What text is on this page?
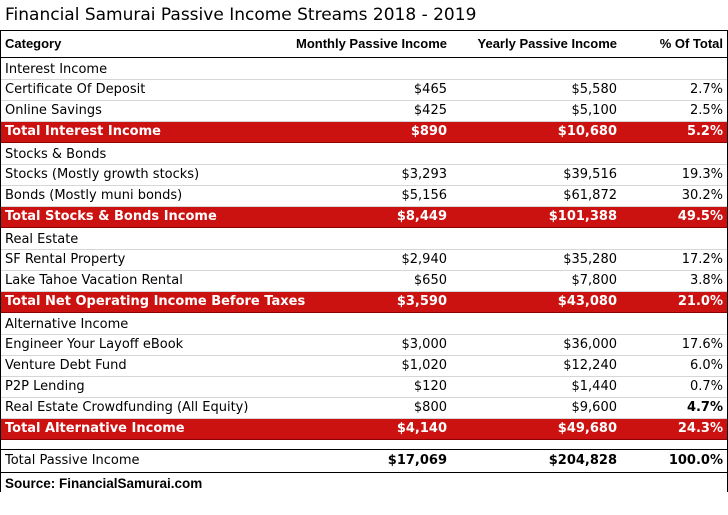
Financial Samurai Passive Income Streams 2018 - 2019
Category	Monthly Passive Income	Yearly Passive Income	% Of Total
Interest Income
Certificate Of Deposit	$465	$5,580	2.7%
Online Savings	$425	$5,100	2.5%
Total Interest Income	$890	$10,680	5.2%
Stocks & Bonds
Stocks (Mostly growth stocks)	$3,293	$39,516	19.3%
Bonds (Mostly muni bonds)	$5,156	$61,872	30.2%
Total Stocks & Bonds Income	$8,449	$101,388	49.5%
Real Estate
SF Rental Property	$2,940	$35,280	17.2%
Lake Tahoe Vacation Rental	$650	$7,800	3.8%
Total Net Operating Income Before Taxes	$3,590	$43,080	21.0%
Alternative Income
Engineer Your Layoff eBook	$3,000	$36,000	17.6%
Venture Debt Fund	$1,020	$12,240	6.0%
P2P Lending	$120	$1,440	0.7%
Real Estate Crowdfunding (All Equity)	$800	$9,600	4.7%
Total Alternative Income	$4,140	$49,680	24.3%
Total Passive Income	$17,069	$204,828	100.0%
Source: FinancialSamurai.com
